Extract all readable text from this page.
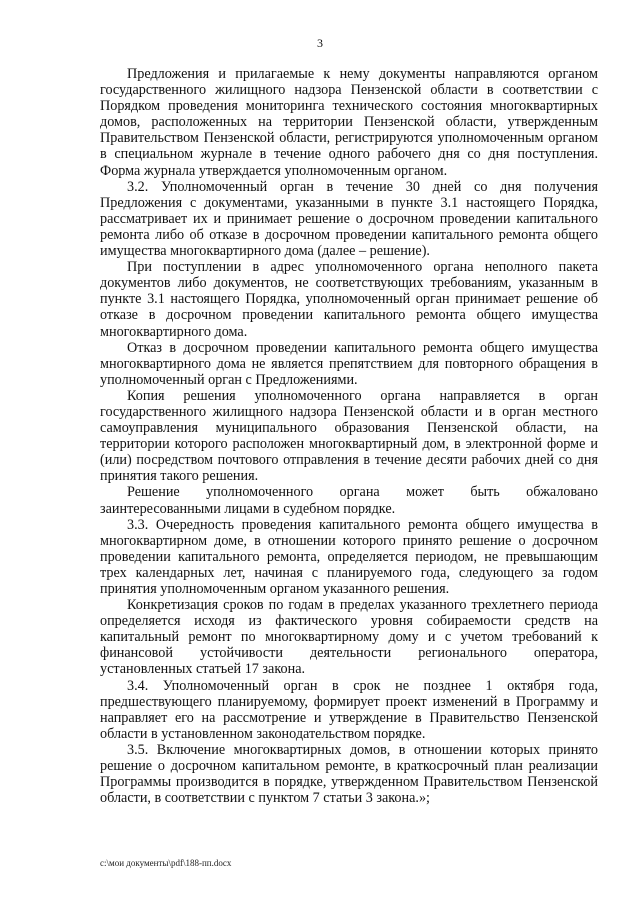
3

Предложения и прилагаемые к нему документы направляются органом государственного жилищного надзора Пензенской области в соответствии с Порядком проведения мониторинга технического состояния многоквартирных домов, расположенных на территории Пензенской области, утвержденным Правительством Пензенской области, регистрируются уполномоченным органом в специальном журнале в течение одного рабочего дня со дня поступления. Форма журнала утверждается уполномоченным органом.

3.2. Уполномоченный орган в течение 30 дней со дня получения Предложения с документами, указанными в пункте 3.1 настоящего Порядка, рассматривает их и принимает решение о досрочном проведении капитального ремонта либо об отказе в досрочном проведении капитального ремонта общего имущества многоквартирного дома (далее – решение).

При поступлении в адрес уполномоченного органа неполного пакета документов либо документов, не соответствующих требованиям, указанным в пункте 3.1 настоящего Порядка, уполномоченный орган принимает решение об отказе в досрочном проведении капитального ремонта общего имущества многоквартирного дома.

Отказ в досрочном проведении капитального ремонта общего имущества многоквартирного дома не является препятствием для повторного обращения в уполномоченный орган с Предложениями.

Копия решения уполномоченного органа направляется в орган государственного жилищного надзора Пензенской области и в орган местного самоуправления муниципального образования Пензенской области, на территории которого расположен многоквартирный дом, в электронной форме и (или) посредством почтового отправления в течение десяти рабочих дней со дня принятия такого решения.

Решение уполномоченного органа может быть обжаловано заинтересованными лицами в судебном порядке.

3.3. Очередность проведения капитального ремонта общего имущества в многоквартирном доме, в отношении которого принято решение о досрочном проведении капитального ремонта, определяется периодом, не превышающим трех календарных лет, начиная с планируемого года, следующего за годом принятия уполномоченным органом указанного решения.

Конкретизация сроков по годам в пределах указанного трехлетнего периода определяется исходя из фактического уровня собираемости средств на капитальный ремонт по многоквартирному дому и с учетом требований к финансовой устойчивости деятельности регионального оператора, установленных статьей 17 закона.

3.4. Уполномоченный орган в срок не позднее 1 октября года, предшествующего планируемому, формирует проект изменений в Программу и направляет его на рассмотрение и утверждение в Правительство Пензенской области в установленном законодательством порядке.

3.5. Включение многоквартирных домов, в отношении которых принято решение о досрочном капитальном ремонте, в краткосрочный план реализации Программы производится в порядке, утвержденном Правительством Пензенской области, в соответствии с пунктом 7 статьи 3 закона.»;

c:\мои документы\pdf\188-пп.docx
